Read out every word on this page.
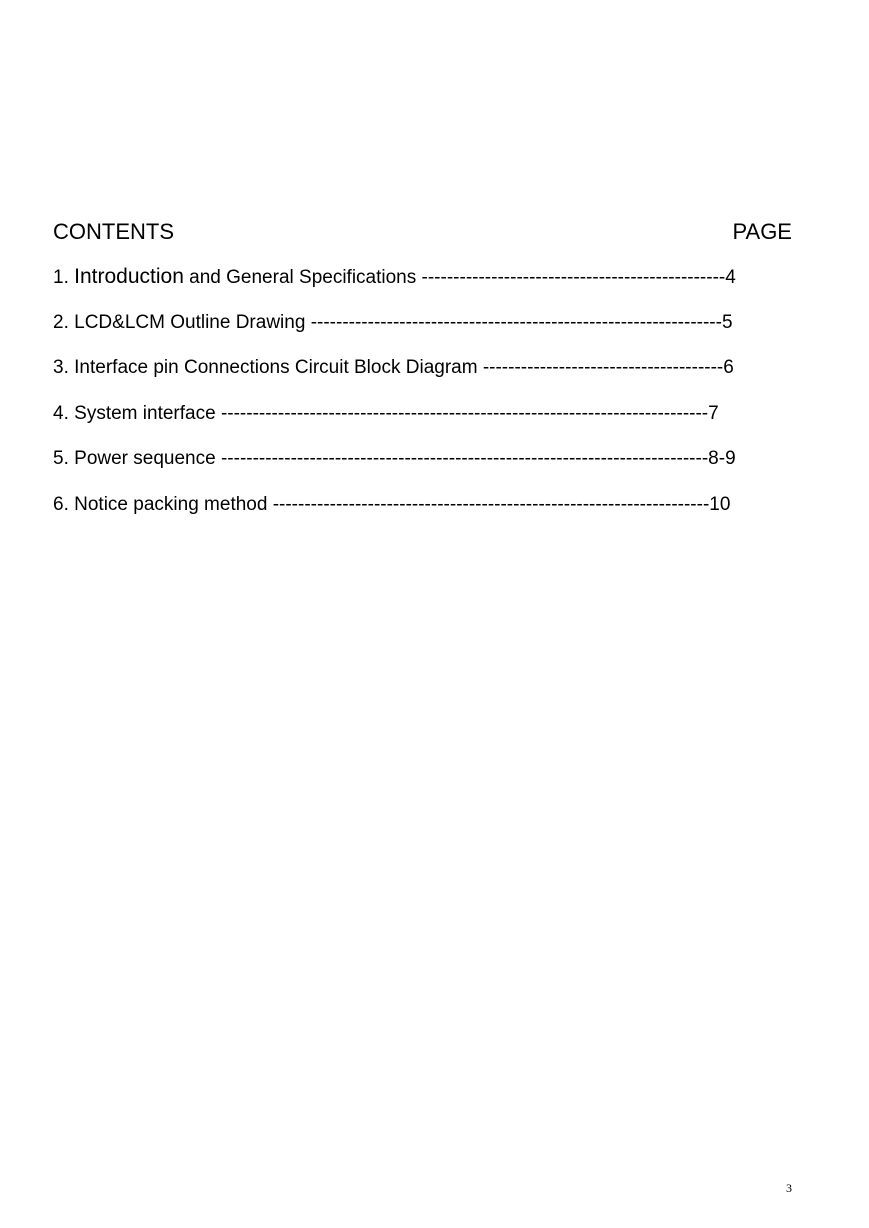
CONTENTS	PAGE
1. Introduction and General Specifications ------------------------------------------------4
2. LCD&LCM Outline Drawing -----------------------------------------------------------------5
3. Interface pin Connections Circuit Block Diagram --------------------------------------6
4. System interface -----------------------------------------------------------------------------7
5. Power sequence -----------------------------------------------------------------------------8-9
6. Notice packing method ---------------------------------------------------------------------10
3
